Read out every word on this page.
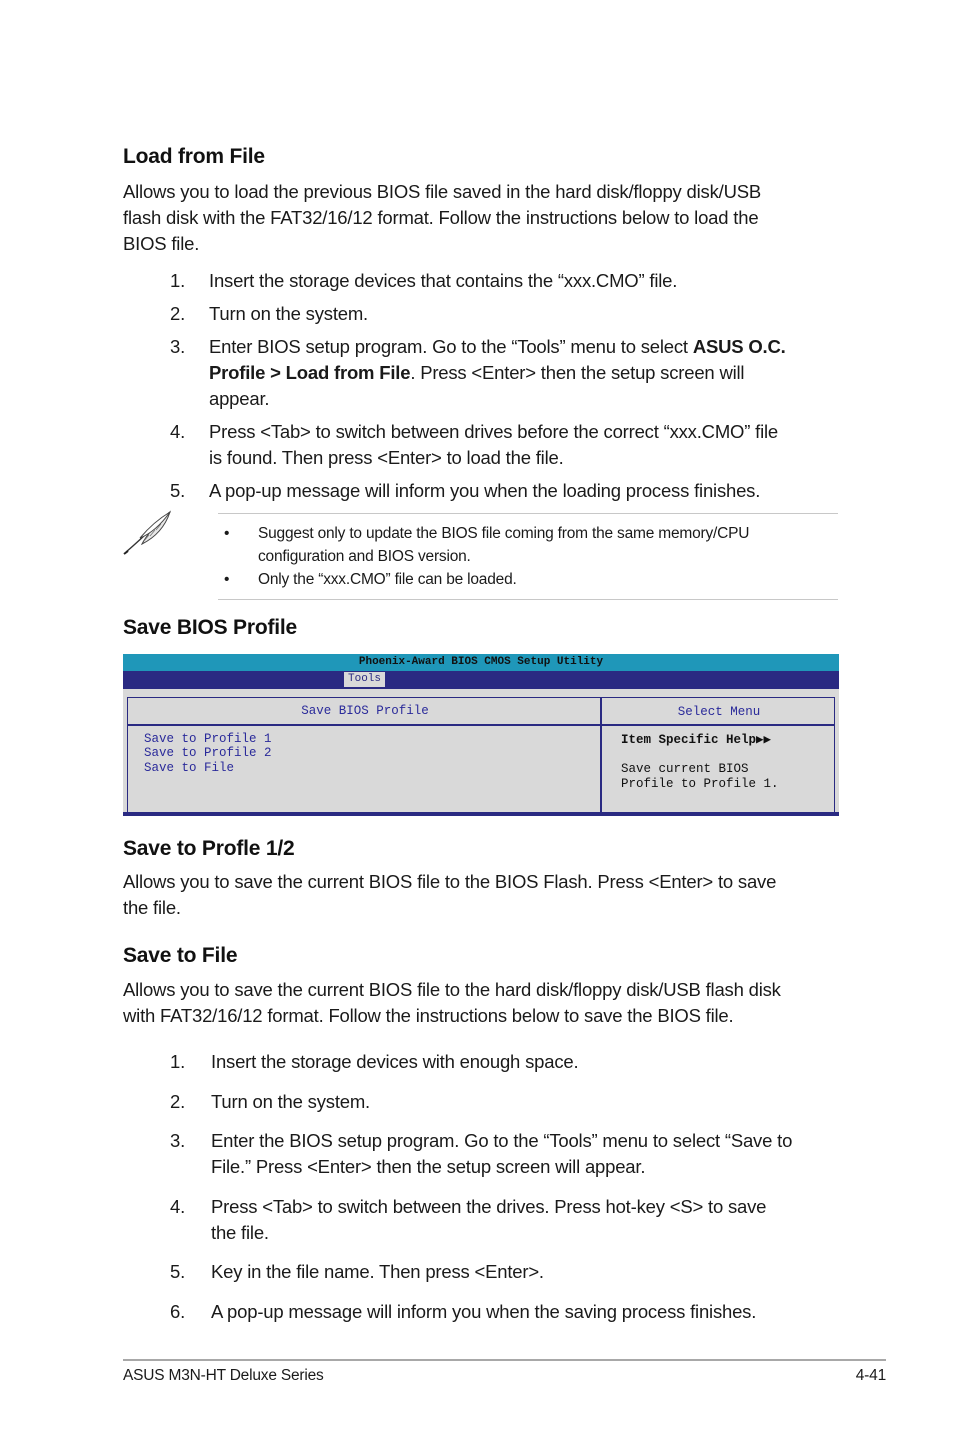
Load from File
Allows you to load the previous BIOS file saved in the hard disk/floppy disk/USB
flash disk with the FAT32/16/12 format. Follow the instructions below to load the
BIOS file.
1. Insert the storage devices that contains the “xxx.CMO” file.
2. Turn on the system.
3. Enter BIOS setup program. Go to the “Tools” menu to select ASUS O.C.
Profile > Load from File. Press <Enter> then the setup screen will
appear.
4. Press <Tab> to switch between drives before the correct “xxx.CMO” file
is found. Then press <Enter> to load the file.
5. A pop-up message will inform you when the loading process finishes.
• Suggest only to update the BIOS file coming from the same memory/CPU
configuration and BIOS version.
• Only the “xxx.CMO” file can be loaded.
Save BIOS Profile
Phoenix-Award BIOS CMOS Setup Utility
Tools
Save BIOS Profile	Select Menu
Save to Profile 1
Save to Profile 2
Save to File
Item Specific Help▶▶
Save current BIOS
Profile to Profile 1.
Save to Profle 1/2
Allows you to save the current BIOS file to the BIOS Flash. Press <Enter> to save
the file.
Save to File
Allows you to save the current BIOS file to the hard disk/floppy disk/USB flash disk
with FAT32/16/12 format. Follow the instructions below to save the BIOS file.
1. Insert the storage devices with enough space.
2. Turn on the system.
3. Enter the BIOS setup program. Go to the “Tools” menu to select “Save to
File.” Press <Enter> then the setup screen will appear.
4. Press <Tab> to switch between the drives. Press hot-key <S> to save
the file.
5. Key in the file name. Then press <Enter>.
6. A pop-up message will inform you when the saving process finishes.
ASUS M3N-HT Deluxe Series	4-41
